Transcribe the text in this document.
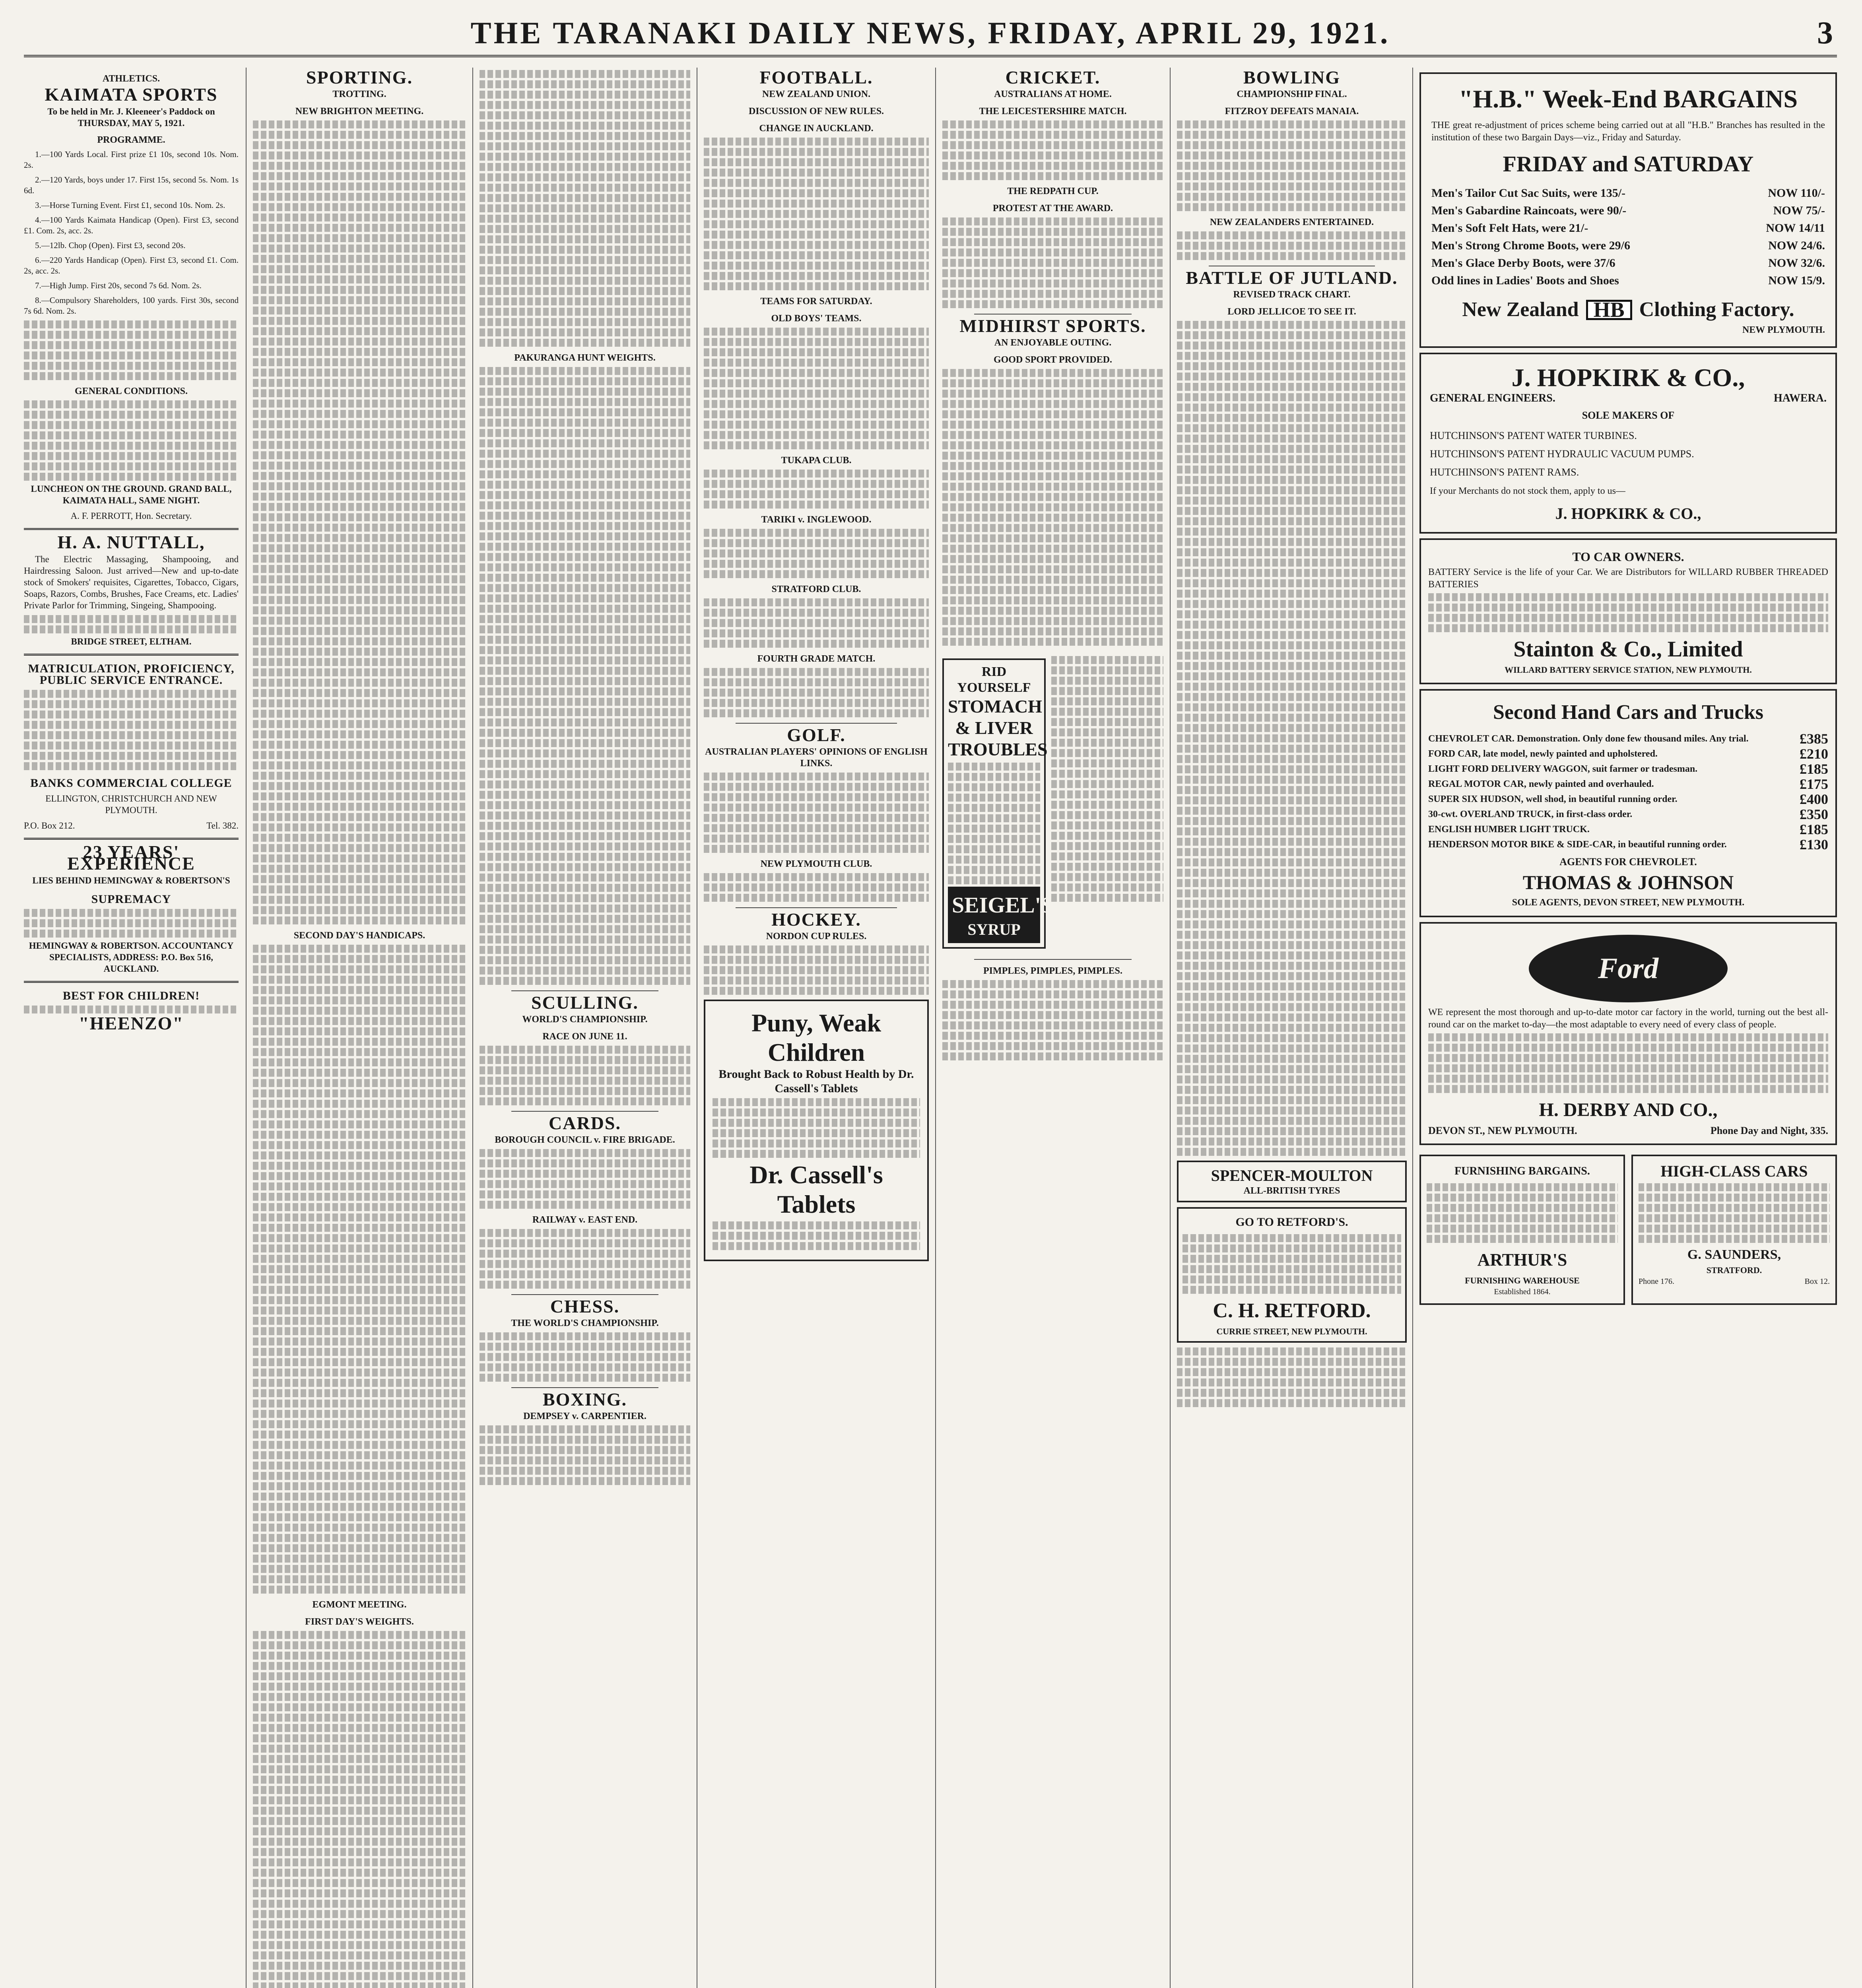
THE TARANAKI DAILY NEWS, FRIDAY, APRIL 29, 1921.	3
ATHLETICS.
KAIMATA SPORTS

To be held in Mr. J. Kleeneer's Paddock on THURSDAY, MAY 5, 1921.

PROGRAMME.

1.—100 Yards Local. First prize £1 10s, second 10s. Nom. 2s.

2.—120 Yards, boys under 17. First 15s, second 5s. Nom. 1s 6d.

3.—Horse Turning Event. First £1, second 10s. Nom. 2s.

4.—100 Yards Kaimata Handicap (Open). First £3, second £1. Com. 2s, acc. 2s.

5.—12lb. Chop (Open). First £3, second 20s.

6.—220 Yards Handicap (Open). First £3, second £1. Com. 2s, acc. 2s.

7.—High Jump. First 20s, second 7s 6d. Nom. 2s.

8.—Compulsory Shareholders, 100 yards. First 30s, second 7s 6d. Nom. 2s.

GENERAL CONDITIONS.

LUNCHEON ON THE GROUND. GRAND BALL, KAIMATA HALL, SAME NIGHT.

A. F. PERROTT, Hon. Secretary.

H. A. NUTTALL,

The Electric Massaging, Shampooing, and Hairdressing Saloon. Just arrived—New and up-to-date stock of Smokers' requisites, Cigarettes, Tobacco, Cigars, Soaps, Razors, Combs, Brushes, Face Creams, etc. Ladies' Private Parlor for Trimming, Singeing, Shampooing.

BRIDGE STREET, ELTHAM.

MATRICULATION, PROFICIENCY, PUBLIC SERVICE ENTRANCE.
BANKS COMMERCIAL COLLEGE

ELLINGTON, CHRISTCHURCH AND NEW PLYMOUTH.

P.O. Box 212.	Tel. 382.
23 YEARS' EXPERIENCE

LIES BEHIND HEMINGWAY & ROBERTSON'S

SUPREMACY

HEMINGWAY & ROBERTSON. ACCOUNTANCY SPECIALISTS, ADDRESS: P.O. Box 516, AUCKLAND.

BEST FOR CHILDREN!
"HEENZO"
SPORTING.
TROTTING.
NEW BRIGHTON MEETING.
SECOND DAY'S HANDICAPS.
EGMONT MEETING.
FIRST DAY'S WEIGHTS.
PAKURANGA HUNT WEIGHTS.
SCULLING.
WORLD'S CHAMPIONSHIP.
RACE ON JUNE 11.
CARDS.
BOROUGH COUNCIL v. FIRE BRIGADE.
RAILWAY v. EAST END.
CHESS.
THE WORLD'S CHAMPIONSHIP.
BOXING.
DEMPSEY v. CARPENTIER.
FOOTBALL.
NEW ZEALAND UNION.
DISCUSSION OF NEW RULES.
CHANGE IN AUCKLAND.
TEAMS FOR SATURDAY.
OLD BOYS' TEAMS.
TUKAPA CLUB.
TARIKI v. INGLEWOOD.
STRATFORD CLUB.
FOURTH GRADE MATCH.
GOLF.
AUSTRALIAN PLAYERS' OPINIONS OF ENGLISH LINKS.
NEW PLYMOUTH CLUB.
HOCKEY.
NORDON CUP RULES.
Puny, Weak Children
Brought Back to Robust Health by Dr. Cassell's Tablets
Dr. Cassell's Tablets
CRICKET.
AUSTRALIANS AT HOME.
THE LEICESTERSHIRE MATCH.
THE REDPATH CUP.
PROTEST AT THE AWARD.
MIDHIRST SPORTS.
AN ENJOYABLE OUTING.
GOOD SPORT PROVIDED.
RID YOURSELF
STOMACH & LIVER TROUBLES
SEIGEL'S
SYRUP
PIMPLES, PIMPLES, PIMPLES.
BOWLING
CHAMPIONSHIP FINAL.
FITZROY DEFEATS MANAIA.
NEW ZEALANDERS ENTERTAINED.
BATTLE OF JUTLAND.
REVISED TRACK CHART.
LORD JELLICOE TO SEE IT.
SPENCER-MOULTON
ALL-BRITISH TYRES
GO TO RETFORD'S.
C. H. RETFORD.
CURRIE STREET, NEW PLYMOUTH.
"H.B." Week-End BARGAINS
THE great re-adjustment of prices scheme being carried out at all "H.B." Branches has resulted in the institution of these two Bargain Days—viz., Friday and Saturday.
FRIDAY and SATURDAY
Men's Tailor Cut Sac Suits, were 135/-	NOW 110/-
Men's Gabardine Raincoats, were 90/-	NOW 75/-
Men's Soft Felt Hats, were 21/-	NOW 14/11
Men's Strong Chrome Boots, were 29/6	NOW 24/6.
Men's Glace Derby Boots, were 37/6	NOW 32/6.
Odd lines in Ladies' Boots and Shoes	NOW 15/9.
New Zealand HB Clothing Factory.
NEW PLYMOUTH.
J. HOPKIRK & CO.,
GENERAL ENGINEERS.	HAWERA.
SOLE MAKERS OF
HUTCHINSON'S PATENT WATER TURBINES.
HUTCHINSON'S PATENT HYDRAULIC VACUUM PUMPS.
HUTCHINSON'S PATENT RAMS.
If your Merchants do not stock them, apply to us—
J. HOPKIRK & CO.,
TO CAR OWNERS.
BATTERY Service is the life of your Car. We are Distributors for WILLARD RUBBER THREADED BATTERIES
Stainton & Co., Limited
WILLARD BATTERY SERVICE STATION, NEW PLYMOUTH.
Second Hand Cars and Trucks
CHEVROLET CAR. Demonstration. Only done few thousand miles. Any trial.	£385
FORD CAR, late model, newly painted and upholstered.	£210
LIGHT FORD DELIVERY WAGGON, suit farmer or tradesman.	£185
REGAL MOTOR CAR, newly painted and overhauled.	£175
SUPER SIX HUDSON, well shod, in beautiful running order.	£400
30-cwt. OVERLAND TRUCK, in first-class order.	£350
ENGLISH HUMBER LIGHT TRUCK.	£185
HENDERSON MOTOR BIKE & SIDE-CAR, in beautiful running order.	£130
AGENTS FOR CHEVROLET.
THOMAS & JOHNSON
SOLE AGENTS, DEVON STREET, NEW PLYMOUTH.
Ford
WE represent the most thorough and up-to-date motor car factory in the world, turning out the best all-round car on the market to-day—the most adaptable to every need of every class of people.
H. DERBY AND CO.,
DEVON ST., NEW PLYMOUTH.	Phone Day and Night, 335.
FURNISHING BARGAINS.
ARTHUR'S
FURNISHING WAREHOUSE
Established 1864.
HIGH-CLASS CARS
G. SAUNDERS,
STRATFORD.
Phone 176.	Box 12.
